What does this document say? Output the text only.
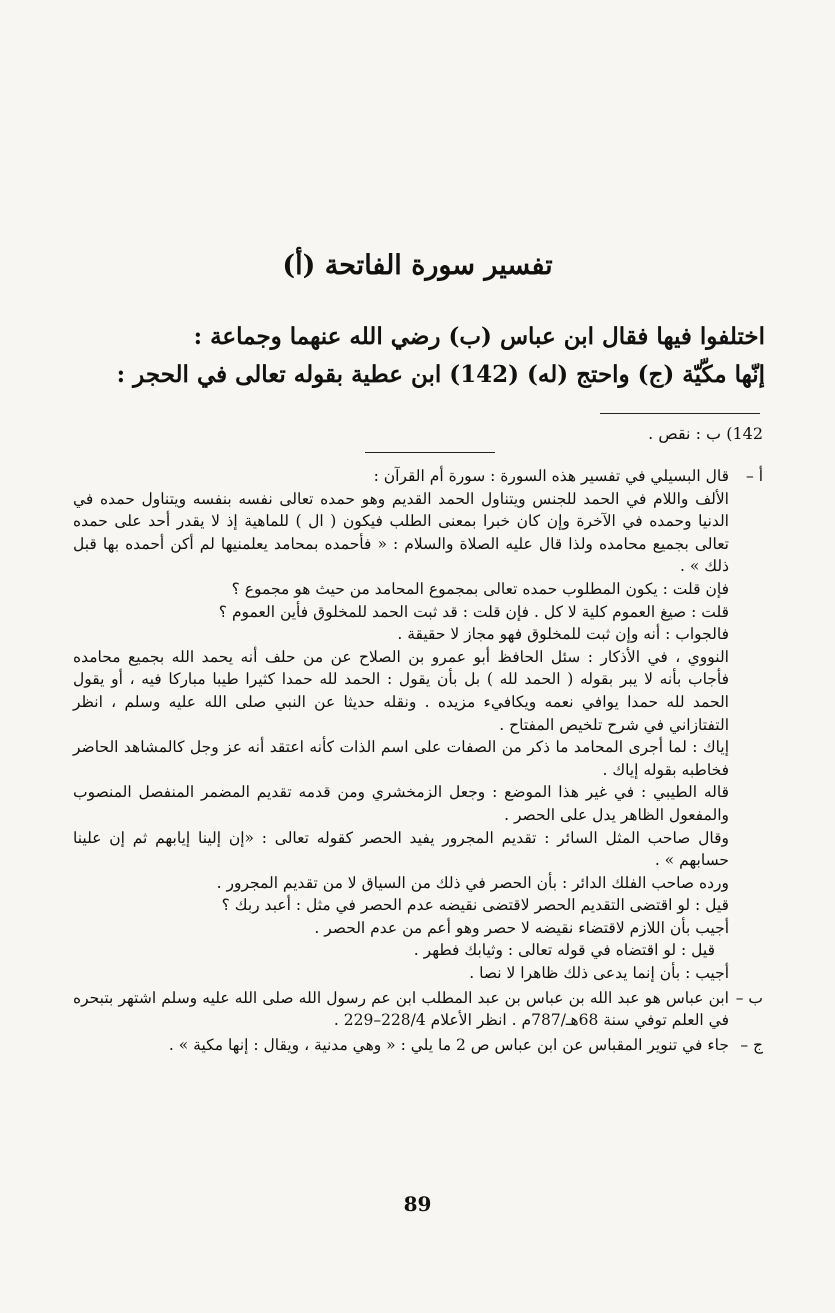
تفسير سورة الفاتحة (أ)

اختلفوا فيها فقال ابن عباس (ب) رضي الله عنهما وجماعة :

إنّها مكّيّة (ج) واحتج (له) (142) ابن عطية بقوله تعالى في الحجر :

142) ب : نقص .

أ –

قال البسيلي في تفسير هذه السورة : سورة أم القرآن :

الألف واللام في الحمد للجنس ويتناول الحمد القديم وهو حمده تعالى نفسه بنفسه ويتناول حمده في الدنيا وحمده في الآخرة وإن كان خبرا بمعنى الطلب فيكون ( ال ) للماهية إذ لا يقدر أحد على حمده تعالى بجميع محامده ولذا قال عليه الصلاة والسلام : « فأحمده بمحامد يعلمنيها لم أكن أحمده بها قبل ذلك » .

فإن قلت : يكون المطلوب حمده تعالى بمجموع المحامد من حيث هو مجموع ؟

قلت : صيغ العموم كلية لا كل . فإن قلت : قد ثبت الحمد للمخلوق فأين العموم ؟

فالجواب : أنه وإن ثبت للمخلوق فهو مجاز لا حقيقة .

النووي ، في الأذكار : سئل الحافظ أبو عمرو بن الصلاح عن من حلف أنه يحمد الله بجميع محامده فأجاب بأنه لا يبر بقوله ( الحمد لله ) بل بأن يقول : الحمد لله حمدا كثيرا طيبا مباركا فيه ، أو يقول الحمد لله حمدا يوافي نعمه ويكافيء مزيده . ونقله حديثا عن النبي صلى الله عليه وسلم ، انظر التفتازاني في شرح تلخيص المفتاح .

إياك : لما أجرى المحامد ما ذكر من الصفات على اسم الذات كأنه اعتقد أنه عز وجل كالمشاهد الحاضر فخاطبه بقوله إياك .

قاله الطيبي : في غير هذا الموضع : وجعل الزمخشري ومن قدمه تقديم المضمر المنفصل المنصوب والمفعول الظاهر يدل على الحصر .

وقال صاحب المثل السائر : تقديم المجرور يفيد الحصر كقوله تعالى : «إن إلينا إيابهم ثم إن علينا حسابهم » .

ورده صاحب الفلك الدائر : بأن الحصر في ذلك من السياق لا من تقديم المجرور .

قيل : لو اقتضى التقديم الحصر لاقتضى نقيضه عدم الحصر في مثل : أعبد ربك ؟

أجيب بأن اللازم لاقتضاء نقيضه لا حصر وهو أعم من عدم الحصر .

قيل : لو اقتضاه في قوله تعالى : وثيابك فطهر .

أجيب : بأن إنما يدعى ذلك ظاهرا لا نصا .

ب –

ابن عباس هو عبد الله بن عباس بن عبد المطلب ابن عم رسول الله صلى الله عليه وسلم اشتهر بتبحره في العلم توفي سنة 68هـ/787م . انظر الأعلام 228/4–229 .

ج –

جاء في تنوير المقباس عن ابن عباس ص 2 ما يلي : « وهي مدنية ، ويقال : إنها مكية » .

89
